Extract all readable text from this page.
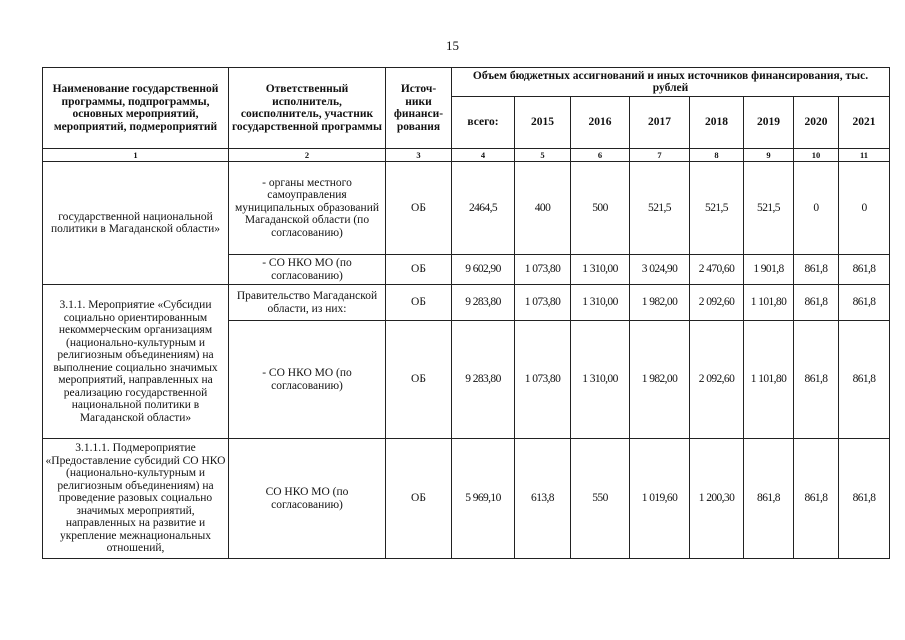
15
Наименование государственной программы, подпрограммы, основных мероприятий, мероприятий, подмероприятий	Ответственный исполнитель, соисполнитель, участник государственной программы	Источ-ники финанси-рования	Объем бюджетных ассигнований и иных источников финансирования, тыс. рублей							
			всего:	2015	2016	2017	2018	2019	2020	2021
1	2	3	4	5	6	7	8	9	10	11
государственной национальной политики в Магаданской области»	- органы местного самоуправления муниципальных образований Магаданской области (по согласованию)	ОБ	2464,5	400	500	521,5	521,5	521,5	0	0
	- СО НКО МО (по согласованию)	ОБ	9 602,90	1 073,80	1 310,00	3 024,90	2 470,60	1 901,8	861,8	861,8
3.1.1. Мероприятие «Субсидии социально ориентированным некоммерческим организациям (национально-культурным и религиозным объединениям) на выполнение социально значимых мероприятий, направленных на реализацию государственной национальной политики в Магаданской области»	Правительство Магаданской области, из них:	ОБ	9 283,80	1 073,80	1 310,00	1 982,00	2 092,60	1 101,80	861,8	861,8
	- СО НКО МО (по согласованию)	ОБ	9 283,80	1 073,80	1 310,00	1 982,00	2 092,60	1 101,80	861,8	861,8
3.1.1.1. Подмероприятие «Предоставление субсидий СО НКО (национально-культурным и религиозным объединениям) на проведение разовых социально значимых мероприятий, направленных на развитие и укрепление межнациональных отношений,	СО НКО МО (по согласованию)	ОБ	5 969,10	613,8	550	1 019,60	1 200,30	861,8	861,8	861,8
